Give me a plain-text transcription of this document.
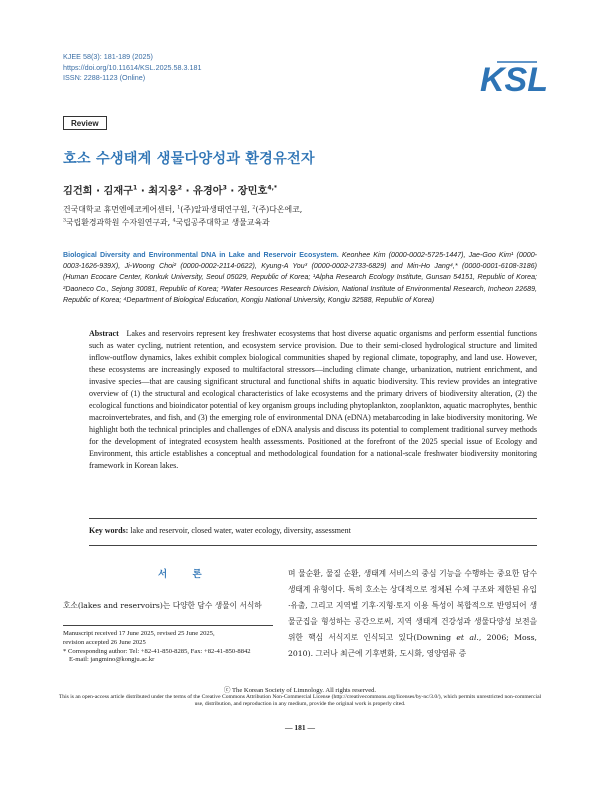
KJEE 58(3): 181-189 (2025)
https://doi.org/10.11614/KSL.2025.58.3.181
ISSN: 2288-1123 (Online)	KSL
Review
호소 수생태계 생물다양성과 환경유전자
김건희 · 김재구$^1$ · 최지웅$^2$ · 유경아$^3$ · 장민호$^{4,*}$
건국대학교 휴먼엔에코케어센터, $^1$(주)알파생태연구원, $^2$(주)다온에코,
$^3$국립환경과학원 수자원연구과, $^4$국립공주대학교 생물교육과
Biological Diversity and Environmental DNA in Lake and Reservoir Ecosystem. Keonhee Kim (0000-0002-5725-1447), Jae-Goo Kim¹ (0000-0003-1626-939X), Ji-Woong Choi² (0000-0002-2114-0622), Kyung-A You³ (0000-0002-2733-6829) and Min-Ho Jang⁴,* (0000-0001-6108-3186) (Human Ecocare Center, Konkuk University, Seoul 05029, Republic of Korea; ¹Alpha Research Ecology Institute, Gunsan 54151, Republic of Korea; ²Daoneco Co., Sejong 30081, Republic of Korea; ³Water Resources Research Division, National Institute of Environmental Research, Incheon 22689, Republic of Korea; ⁴Department of Biological Education, Kongju National University, Kongju 32588, Republic of Korea)
Abstract Lakes and reservoirs represent key freshwater ecosystems that host diverse aquatic organisms and perform essential functions such as water cycling, nutrient retention, and ecosystem service provision. Due to their semi-closed hydrological structure and limited inflow-outflow dynamics, lakes exhibit complex biological communities shaped by regional climate, topography, and land use. However, these ecosystems are increasingly exposed to multifactoral stressors—including climate change, urbanization, nutrient enrichment, and invasive species—that are causing significant structural and functional shifts in aquatic biodiversity. This review provides an integrative overview of (1) the structural and ecological characteristics of lake ecosystems and the primary drivers of biodiversity alteration, (2) the ecological functions and bioindicator potential of key organism groups including phytoplankton, zooplankton, aquatic macrophytes, benthic macroinvertebrates, and fish, and (3) the emerging role of environmental DNA (eDNA) metabarcoding in lake biodiversity monitoring. We highlight both the technical principles and challenges of eDNA analysis and discuss its potential to complement traditional survey methods for the development of integrated ecosystem health assessments. Positioned at the forefront of the 2025 special issue of Ecology and Environment, this article establishes a conceptual and methodological foundation for a national-scale freshwater biodiversity monitoring framework in Korean lakes.
Key words: lake and reservoir, closed water, water ecology, diversity, assessment
서 론

호소(lakes and reservoirs)는 다양한 담수 생물이 서식하

며 물순환, 물질 순환, 생태계 서비스의 중심 기능을 수행하는 중요한 담수 생태계 유형이다. 특히 호소는 상대적으로 정체된 수체 구조와 제한된 유입·유출, 그리고 지역별 기후·지형·토지 이용 특성이 복합적으로 반영되어 생물군집을 형성하는 공간으로써, 지역 생태계 건강성과 생물다양성 보전을 위한 핵심 서식지로 인식되고 있다(Downing et al., 2006; Moss, 2010). 그러나 최근에 기후변화, 도시화, 영양염류 증

Manuscript received 17 June 2025, revised 25 June 2025,
revision accepted 26 June 2025
* Corresponding author: Tel: +82-41-850-8285, Fax: +82-41-850-8842
E-mail: jangmino@kongju.ac.kr
ⓒ The Korean Society of Limnology. All rights reserved.
This is an open-access article distributed under the terms of the Creative Commons Attribution Non-Commercial License (http://creativecommons.org/licenses/by-nc/3.0/), which permits unrestricted non-commercial use, distribution, and reproduction in any medium, provide the original work is properly cited.
— 181 —
